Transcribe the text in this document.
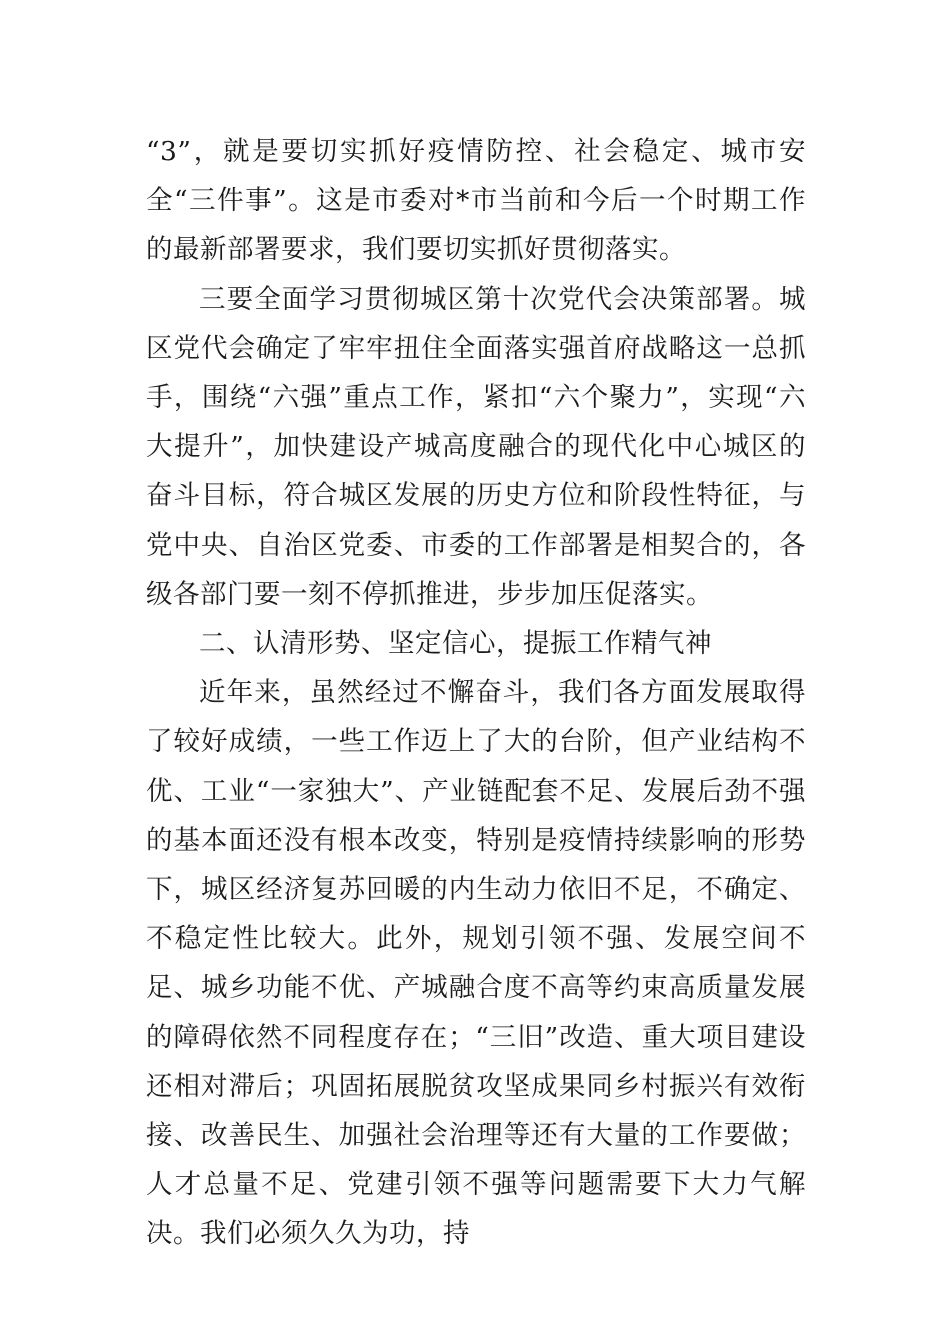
“3”，就是要切实抓好疫情防控、社会稳定、城市安全“三件事”。这是市委对*市当前和今后一个时期工作的最新部署要求，我们要切实抓好贯彻落实。

三要全面学习贯彻城区第十次党代会决策部署。城区党代会确定了牢牢扭住全面落实强首府战略这一总抓手，围绕“六强”重点工作，紧扣“六个聚力”，实现“六大提升”，加快建设产城高度融合的现代化中心城区的奋斗目标，符合城区发展的历史方位和阶段性特征，与党中央、自治区党委、市委的工作部署是相契合的，各级各部门要一刻不停抓推进，步步加压促落实。

二、认清形势、坚定信心，提振工作精气神

近年来，虽然经过不懈奋斗，我们各方面发展取得了较好成绩，一些工作迈上了大的台阶，但产业结构不优、工业“一家独大”、产业链配套不足、发展后劲不强的基本面还没有根本改变，特别是疫情持续影响的形势下，城区经济复苏回暖的内生动力依旧不足，不确定、不稳定性比较大。此外，规划引领不强、发展空间不足、城乡功能不优、产城融合度不高等约束高质量发展的障碍依然不同程度存在；“三旧”改造、重大项目建设还相对滞后；巩固拓展脱贫攻坚成果同乡村振兴有效衔接、改善民生、加强社会治理等还有大量的工作要做；人才总量不足、党建引领不强等问题需要下大力气解决。我们必须久久为功，持
